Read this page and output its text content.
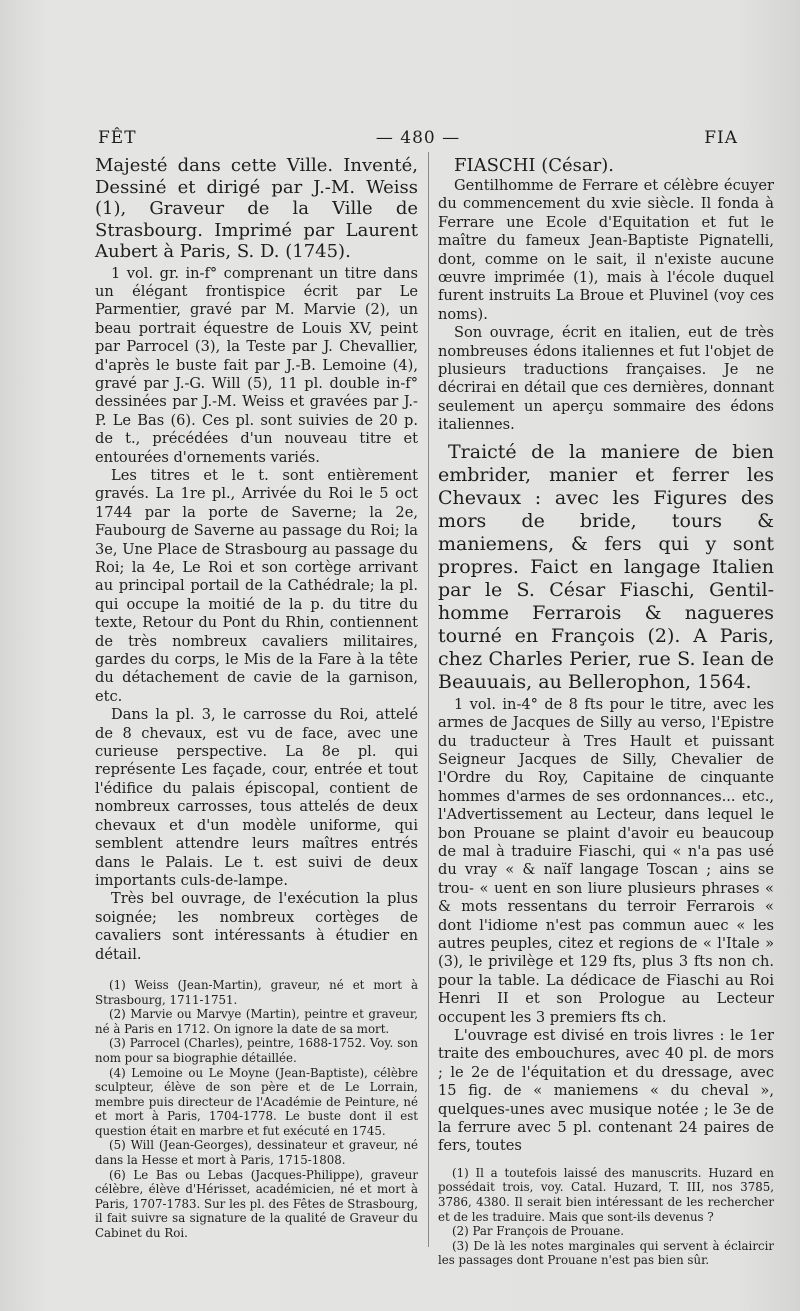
FÊT	— 480 —	FIA

Majesté dans cette Ville. Inventé, Dessiné et dirigé par J.-M. Weiss (1), Graveur de la Ville de Strasbourg. Imprimé par Laurent Aubert à Paris, S. D. (1745).

1 vol. gr. in-f° comprenant un titre dans un élégant frontispice écrit par Le Parmentier, gravé par M. Marvie (2), un beau portrait équestre de Louis XV, peint par Parrocel (3), la Teste par J. Chevallier, d'après le buste fait par J.-B. Lemoine (4), gravé par J.-G. Will (5), 11 pl. double in-f° dessinées par J.-M. Weiss et gravées par J.-P. Le Bas (6). Ces pl. sont suivies de 20 p. de t., précédées d'un nouveau titre et entourées d'ornements variés.

Les titres et le t. sont entièrement gravés. La 1re pl., Arrivée du Roi le 5 oct 1744 par la porte de Saverne; la 2e, Faubourg de Saverne au passage du Roi; la 3e, Une Place de Strasbourg au passage du Roi; la 4e, Le Roi et son cortège arrivant au principal portail de la Cathédrale; la pl. qui occupe la moitié de la p. du titre du texte, Retour du Pont du Rhin, contiennent de très nombreux cavaliers militaires, gardes du corps, le Mis de la Fare à la tête du détachement de cavie de la garnison, etc.

Dans la pl. 3, le carrosse du Roi, attelé de 8 chevaux, est vu de face, avec une curieuse perspective. La 8e pl. qui représente Les façade, cour, entrée et tout l'édifice du palais épiscopal, contient de nombreux carrosses, tous attelés de deux chevaux et d'un modèle uniforme, qui semblent attendre leurs maîtres entrés dans le Palais. Le t. est suivi de deux importants culs-de-lampe.

Très bel ouvrage, de l'exécution la plus soignée; les nombreux cortèges de cavaliers sont intéressants à étudier en détail.

(1) Weiss (Jean-Martin), graveur, né et mort à Strasbourg, 1711-1751.

(2) Marvie ou Marvye (Martin), peintre et graveur, né à Paris en 1712. On ignore la date de sa mort.

(3) Parrocel (Charles), peintre, 1688-1752. Voy. son nom pour sa biographie détaillée.

(4) Lemoine ou Le Moyne (Jean-Baptiste), célèbre sculpteur, élève de son père et de Le Lorrain, membre puis directeur de l'Académie de Peinture, né et mort à Paris, 1704-1778. Le buste dont il est question était en marbre et fut exécuté en 1745.

(5) Will (Jean-Georges), dessinateur et graveur, né dans la Hesse et mort à Paris, 1715-1808.

(6) Le Bas ou Lebas (Jacques-Philippe), graveur célèbre, élève d'Hérisset, académicien, né et mort à Paris, 1707-1783. Sur les pl. des Fêtes de Strasbourg, il fait suivre sa signature de la qualité de Graveur du Cabinet du Roi.

FIASCHI (César).

Gentilhomme de Ferrare et célèbre écuyer du commencement du xvie siècle. Il fonda à Ferrare une Ecole d'Equitation et fut le maître du fameux Jean-Baptiste Pignatelli, dont, comme on le sait, il n'existe aucune œuvre imprimée (1), mais à l'école duquel furent instruits La Broue et Pluvinel (voy ces noms).

Son ouvrage, écrit en italien, eut de très nombreuses édons italiennes et fut l'objet de plusieurs traductions françaises. Je ne décrirai en détail que ces dernières, donnant seulement un aperçu sommaire des édons italiennes.

Traicté de la maniere de bien embrider, manier et ferrer les Chevaux : avec les Figures des mors de bride, tours & maniemens, & fers qui y sont propres. Faict en langage Italien par le S. César Fiaschi, Gentil-homme Ferrarois & nagueres tourné en François (2). A Paris, chez Charles Perier, rue S. Iean de Beauuais, au Bellerophon, 1564.

1 vol. in-4° de 8 fts pour le titre, avec les armes de Jacques de Silly au verso, l'Epistre du traducteur à Tres Hault et puissant Seigneur Jacques de Silly, Chevalier de l'Ordre du Roy, Capitaine de cinquante hommes d'armes de ses ordonnances... etc., l'Advertissement au Lecteur, dans lequel le bon Prouane se plaint d'avoir eu beaucoup de mal à traduire Fiaschi, qui « n'a pas usé du vray « & naïf langage Toscan ; ains se trou- « uent en son liure plusieurs phrases « & mots ressentans du terroir Ferrarois « dont l'idiome n'est pas commun auec « les autres peuples, citez et regions de « l'Itale » (3), le privilège et 129 fts, plus 3 fts non ch. pour la table. La dédicace de Fiaschi au Roi Henri II et son Prologue au Lecteur occupent les 3 premiers fts ch.

L'ouvrage est divisé en trois livres : le 1er traite des embouchures, avec 40 pl. de mors ; le 2e de l'équitation et du dressage, avec 15 fig. de « maniemens « du cheval », quelques-unes avec musique notée ; le 3e de la ferrure avec 5 pl. contenant 24 paires de fers, toutes

(1) Il a toutefois laissé des manuscrits. Huzard en possédait trois, voy. Catal. Huzard, T. III, nos 3785, 3786, 4380. Il serait bien intéressant de les rechercher et de les traduire. Mais que sont-ils devenus ?

(2) Par François de Prouane.

(3) De là les notes marginales qui servent à éclaircir les passages dont Prouane n'est pas bien sûr.
